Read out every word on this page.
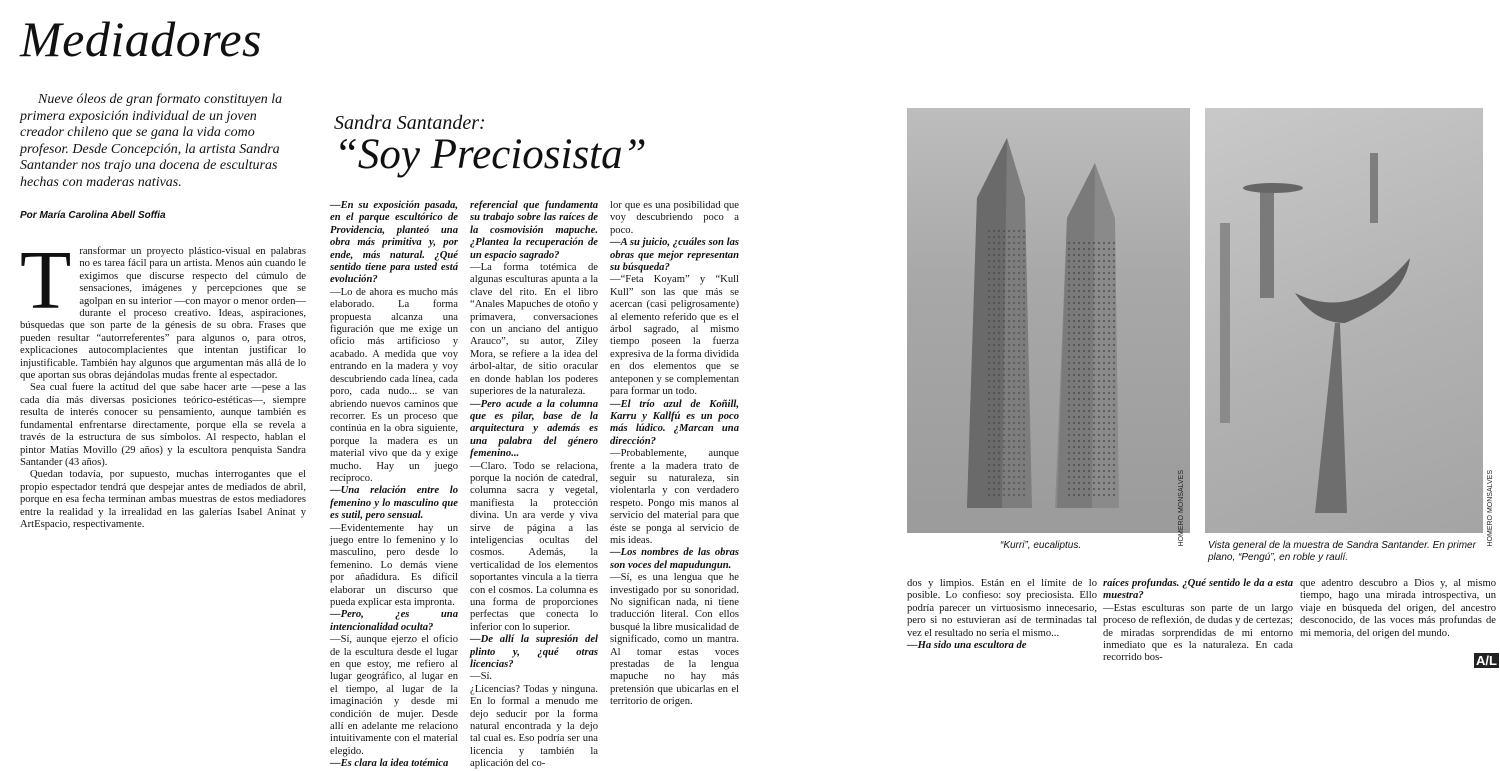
Mediadores
Nueve óleos de gran formato constituyen la primera exposición individual de un joven creador chileno que se gana la vida como profesor. Desde Concepción, la artista Sandra Santander nos trajo una docena de esculturas hechas con maderas nativas.
Por María Carolina Abell Soffia
Sandra Santander:
“Soy Preciosista”
T ransformar un proyecto plástico-visual en palabras no es tarea fácil para un artista. Menos aún cuando le exigimos que discurse respecto del cúmulo de sensaciones, imágenes y percepciones que se agolpan en su interior —con mayor o menor orden— durante el proceso creativo. Ideas, aspiraciones, búsquedas que son parte de la génesis de su obra. Frases que pueden resultar “autorreferentes” para algunos o, para otros, explicaciones autocomplacientes que intentan justificar lo injustificable. También hay algunos que argumentan más allá de lo que aportan sus obras dejándolas mudas frente al espectador.

Sea cual fuere la actitud del que sabe hacer arte —pese a las cada día más diversas posiciones teórico-estéticas—, siempre resulta de interés conocer su pensamiento, aunque también es fundamental enfrentarse directamente, porque ella se revela a través de la estructura de sus símbolos. Al respecto, hablan el pintor Matías Movillo (29 años) y la escultora penquista Sandra Santander (43 años).

Quedan todavía, por supuesto, muchas interrogantes que el propio espectador tendrá que despejar antes de mediados de abril, porque en esa fecha terminan ambas muestras de estos mediadores entre la realidad y la irrealidad en las galerías Isabel Aninat y ArtEspacio, respectivamente.

—En su exposición pasada, en el parque escultórico de Providencia, planteó una obra más primitiva y, por ende, más natural. ¿Qué sentido tiene para usted está evolución?

—Lo de ahora es mucho más elaborado. La forma propuesta alcanza una figuración que me exige un oficio más artificioso y acabado. A medida que voy entrando en la madera y voy descubriendo cada línea, cada poro, cada nudo... se van abriendo nuevos caminos que recorrer. Es un proceso que continúa en la obra siguiente, porque la madera es un material vivo que da y exige mucho. Hay un juego recíproco.

—Una relación entre lo femenino y lo masculino que es sutil, pero sensual.

—Evidentemente hay un juego entre lo femenino y lo masculino, pero desde lo femenino. Lo demás viene por añadidura. Es difícil elaborar un discurso que pueda explicar esta impronta.

—Pero, ¿es una intencionalidad oculta?

—Sí, aunque ejerzo el oficio de la escultura desde el lugar en que estoy, me refiero al lugar geográfico, al lugar en el tiempo, al lugar de la imaginación y desde mi condición de mujer. Desde allí en adelante me relaciono intuitivamente con el material elegido.

—Es clara la idea totémica

referencial que fundamenta su trabajo sobre las raíces de la cosmovisión mapuche. ¿Plantea la recuperación de un espacio sagrado?

—La forma totémica de algunas esculturas apunta a la clave del rito. En el libro “Anales Mapuches de otoño y primavera, conversaciones con un anciano del antiguo Arauco”, su autor, Ziley Mora, se refiere a la idea del árbol-altar, de sitio oracular en donde hablan los poderes superiores de la naturaleza.

—Pero acude a la columna que es pilar, base de la arquitectura y además es una palabra del género femenino...

—Claro. Todo se relaciona, porque la noción de catedral, columna sacra y vegetal, manifiesta la protección divina. Un ara verde y viva sirve de página a las inteligencias ocultas del cosmos. Además, la verticalidad de los elementos soportantes vincula a la tierra con el cosmos. La columna es una forma de proporciones perfectas que conecta lo inferior con lo superior.

—De allí la supresión del plinto y, ¿qué otras licencias?

—Sí.

¿Licencias? Todas y ninguna. En lo formal a menudo me dejo seducir por la forma natural encontrada y la dejo tal cual es. Eso podría ser una licencia y también la aplicación del co-

lor que es una posibilidad que voy descubriendo poco a poco.

—A su juicio, ¿cuáles son las obras que mejor representan su búsqueda?

—“Feta Koyam” y “Kull Kull” son las que más se acercan (casi peligrosamente) al elemento referido que es el árbol sagrado, al mismo tiempo poseen la fuerza expresiva de la forma dividida en dos elementos que se anteponen y se complementan para formar un todo.

—El trío azul de Koñill, Karru y Kallfú es un poco más lúdico. ¿Marcan una dirección?

—Probablemente, aunque frente a la madera trato de seguir su naturaleza, sin violentarla y con verdadero respeto. Pongo mis manos al servicio del material para que éste se ponga al servicio de mis ideas.

—Los nombres de las obras son voces del mapudungun.

—Sí, es una lengua que he investigado por su sonoridad. No significan nada, ni tiene traducción literal. Con ellos busqué la libre musicalidad de significado, como un mantra. Al tomar estas voces prestadas de la lengua mapuche no hay más pretensión que ubicarlas en el territorio de origen.

HOMERO MONSALVES
“Kurri”, eucaliptus.	HOMERO MONSALVES
Vista general de la muestra de Sandra Santander. En primer plano, “Pengú”, en roble y raulí.

dos y limpios. Están en el límite de lo posible. Lo confieso: soy preciosista. Ello podría parecer un virtuosismo innecesario, pero si no estuvieran así de terminadas tal vez el resultado no sería el mismo...

—Ha sido una escultora de

raíces profundas. ¿Qué sentido le da a esta muestra?

—Estas esculturas son parte de un largo proceso de reflexión, de dudas y de certezas; de miradas sorprendidas de mi entorno inmediato que es la naturaleza. En cada recorrido bos-

que adentro descubro a Dios y, al mismo tiempo, hago una mirada introspectiva, un viaje en búsqueda del origen, del ancestro desconocido, de las voces más profundas de mi memoria, del origen del mundo.

A/L
